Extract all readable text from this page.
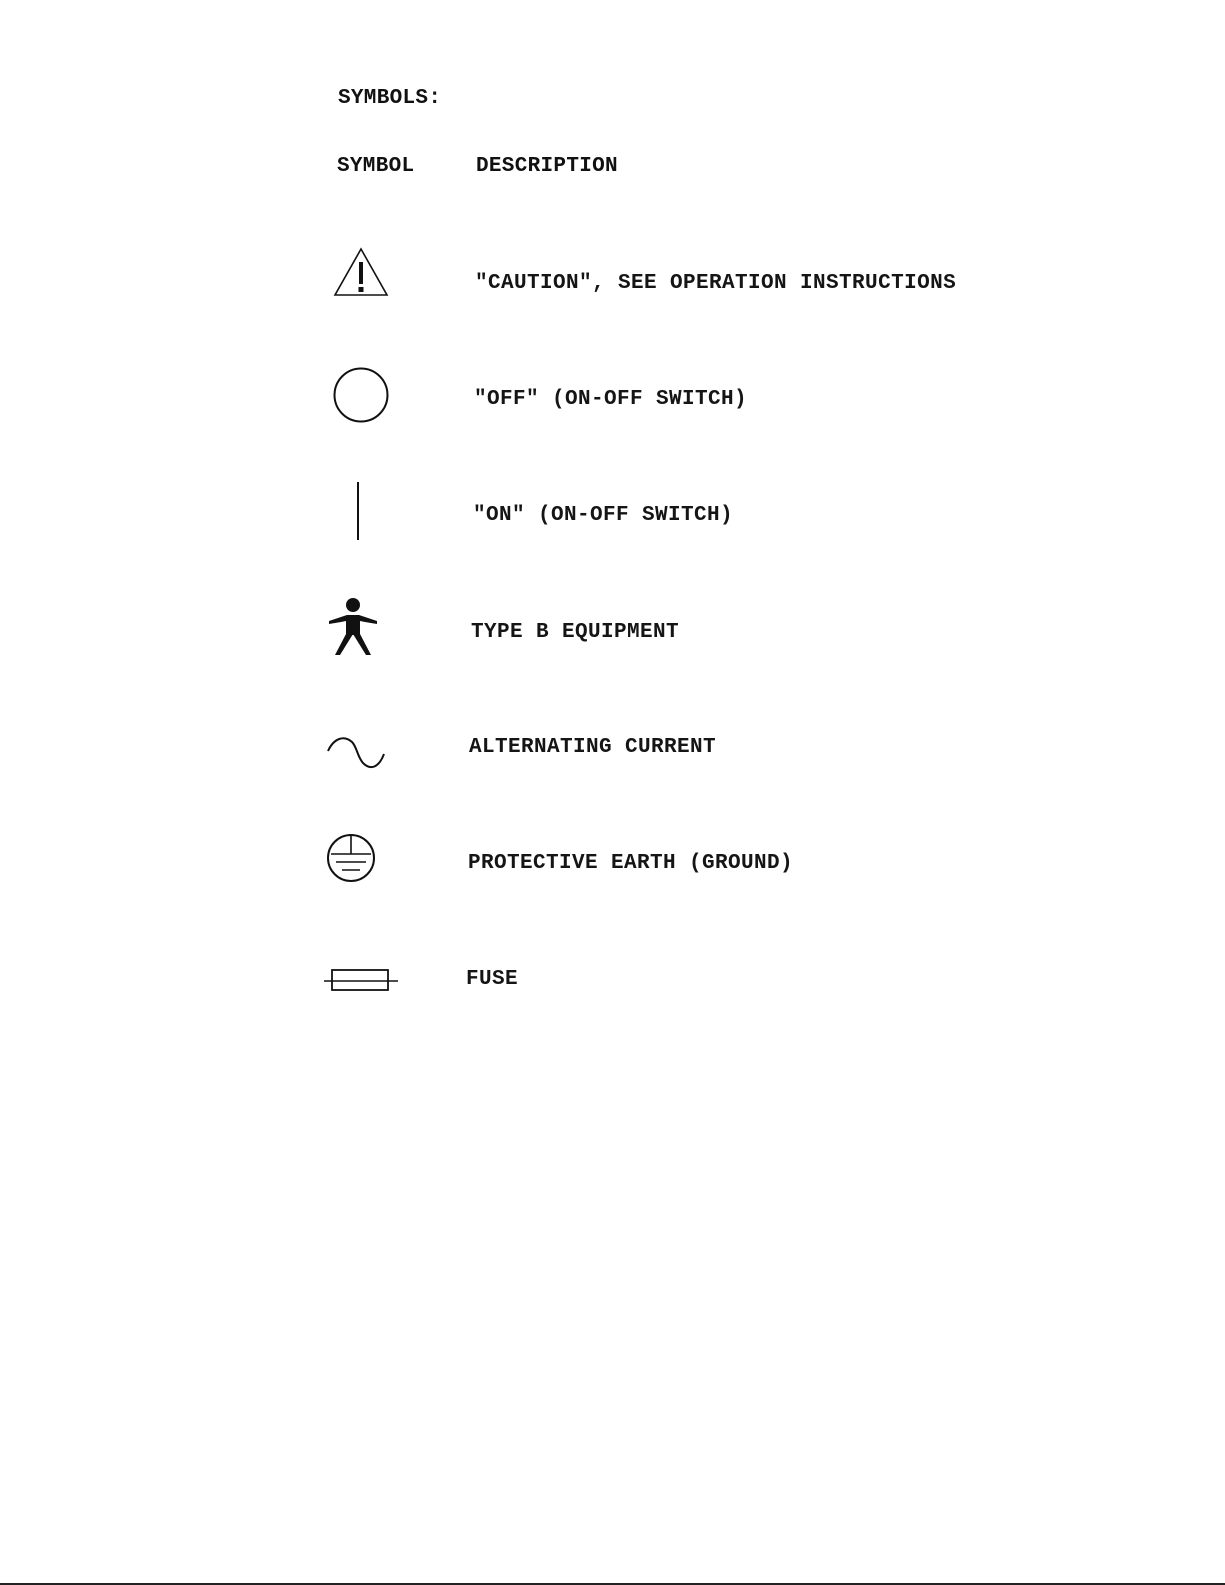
SYMBOLS:
SYMBOL	DESCRIPTION
"CAUTION", SEE OPERATION INSTRUCTIONS
"OFF" (ON-OFF SWITCH)
"ON" (ON-OFF SWITCH)
TYPE B EQUIPMENT
ALTERNATING CURRENT
PROTECTIVE EARTH (GROUND)
FUSE
